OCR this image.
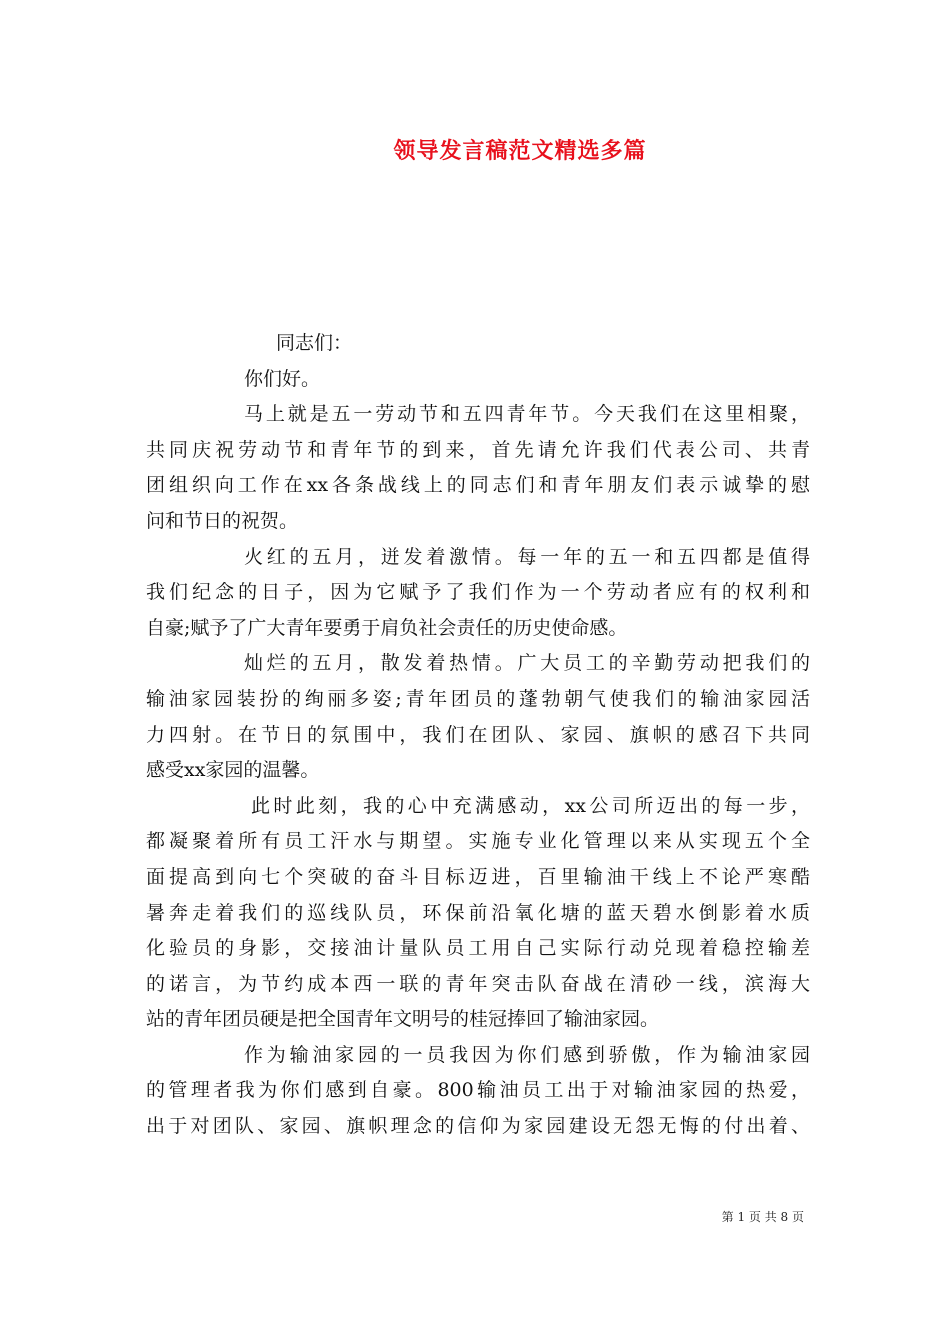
领导发言稿范文精选多篇
同志们：
你们好。
马上就是五一劳动节和五四青年节。今天我们在这里相聚，
共同庆祝劳动节和青年节的到来，首先请允许我们代表公司、共青
团组织向工作在xx各条战线上的同志们和青年朋友们表示诚挚的慰
问和节日的祝贺。
火红的五月，迸发着激情。每一年的五一和五四都是值得
我们纪念的日子，因为它赋予了我们作为一个劳动者应有的权利和
自豪;赋予了广大青年要勇于肩负社会责任的历史使命感。
灿烂的五月，散发着热情。广大员工的辛勤劳动把我们的
输油家园装扮的绚丽多姿;青年团员的蓬勃朝气使我们的输油家园活
力四射。在节日的氛围中，我们在团队、家园、旗帜的感召下共同
感受xx家园的温馨。
此时此刻，我的心中充满感动，xx公司所迈出的每一步，
都凝聚着所有员工汗水与期望。实施专业化管理以来从实现五个全
面提高到向七个突破的奋斗目标迈进，百里输油干线上不论严寒酷
暑奔走着我们的巡线队员，环保前沿氧化塘的蓝天碧水倒影着水质
化验员的身影，交接油计量队员工用自己实际行动兑现着稳控输差
的诺言，为节约成本西一联的青年突击队奋战在清砂一线，滨海大
站的青年团员硬是把全国青年文明号的桂冠捧回了输油家园。
作为输油家园的一员我因为你们感到骄傲，作为输油家园
的管理者我为你们感到自豪。800输油员工出于对输油家园的热爱，
出于对团队、家园、旗帜理念的信仰为家园建设无怨无悔的付出着、
第 1 页 共 8 页
